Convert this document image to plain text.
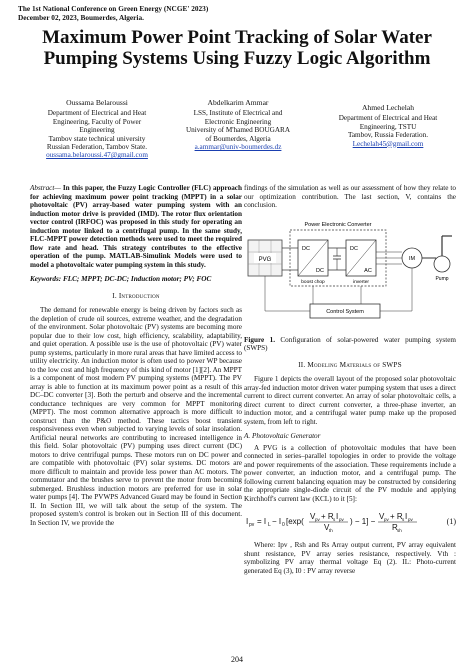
The 1st National Conference on Green Energy (NCGE' 2023)
December 02, 2023, Boumerdes, Algeria.
Maximum Power Point Tracking of Solar Water
Pumping Systems Using Fuzzy Logic Algorithm
Oussama Belaroussi
Department of Electrical and Heat
Engineering, Faculty of Power
Engineering
Tambov state technical university
Russian Federation, Tambov State.
oussama.belaroussi.47@gmail.com
Abdelkarim Ammar
LSS, Institute of Electrical and
Electronic Engineering
University of M'hamed BOUGARA
of Boumerdes, Algeria
a.ammar@univ-boumerdes.dz
Ahmed Lechelah
Department of Electrical and Heat
Engineering, TSTU
Tambov, Russia Federation.
Lechelah45@gmail.com
Abstract— In this paper, the Fuzzy Logic Controller (FLC) approach for achieving maximum power point tracking (MPPT) in a solar photovoltaic (PV) array-based water pumping system with an induction motor drive is provided (IMD). The rotor flux orientation vector control (IRFOC) was proposed in this study for operating an induction motor linked to a centrifugal pump. In the same study, FLC-MPPT power detection methods were used to meet the required flow rate and head. This strategy contributes to the effective operation of the pump. MATLAB-Simulink Models were used to model a photovoltaic water pumping system in this study.
Keywords: FLC; MPPT; DC-DC; Induction motor; PV; FOC
I. Introduction

The demand for renewable energy is being driven by factors such as the depletion of crude oil sources, extreme weather, and the degradation of the environment. Solar photovoltaic (PV) systems are becoming more popular due to their low cost, high efficiency, scalability, adaptability, and quiet operation. A possible use is the use of photovoltaic (PV) water pump systems, particularly in more rural areas that have limited access to utility electricity. An induction motor is often used to power WP because to the low cost and high frequency of this kind of motor [1][2]. An MPPT is a component of most modern PV pumping systems (MPPT). The PV array is able to function at its maximum power point as a result of this DC–DC converter [3]. Both the perturb and observe and the incremental conductance techniques are very common for MPPT monitoring (MPPT). The most common alternative approach is more difficult to construct than the P&O method. These tactics boost transient responsiveness even when subjected to varying levels of solar insolation. Artificial neural networks are contributing to increased intelligence in this field. Solar photovoltaic (PV) pumping uses direct current (DC) motors to drive centrifugal pumps. These motors run on DC power and are compatible with photovoltaic (PV) solar systems. DC motors are more difficult to maintain and provide less power than AC motors. The commutator and the brushes serve to prevent the motor from becoming submerged. Brushless induction motors are preferred for use in solar water pumps [4]. The PVWPS Advanced Guard may be found in Section II. In Section III, we will talk about the setup of the system. The proposed system's control is broken out in Section III of this document. In Section IV, we provide the

findings of the simulation as well as our assessment of how they relate to our optimization contribution. The last section, V, contains the conclusion.

Power Electronic Converter
PVG
DC
DC
boost chop
DC
AC
inverter
IM
Pump
Control System
Figure 1. Configuration of solar-powered water pumping system (SWPS)
II. Modeling Materials of SWPS

Figure 1 depicts the overall layout of the proposed solar photovoltaic array-fed induction motor driven water pumping system that uses a direct current to direct current converter. An array of solar photovoltaic cells, a direct current to direct current converter, a three-phase inverter, an induction motor, and a centrifugal water pump make up the proposed system, from left to right.

A. Photovoltaic Generator

A PVG is a collection of photovoltaic modules that have been connected in series–parallel topologies in order to provide the voltage and power requirements of the association. These requirements include a power converter, an induction motor, and a centrifugal pump. The following current balancing equation may be constructed by considering the appropriate single-diode circuit of the PV module and applying Kirchhoff's current law (KCL) to it [5]:

I pv = I L − I 0 [exp(
V pv + R s I pv
V th
) − 1] −
V pv + R s I pv
R sh
(1)

Where: Ipv , Rsh and Rs Array output current, PV array equivalent shunt resistance, PV array series resistance, respectively. Vth : symbolizing PV array thermal voltage Eq (2). IL: Photo-current generated Eq (3), I0 : PV array reverse

204
